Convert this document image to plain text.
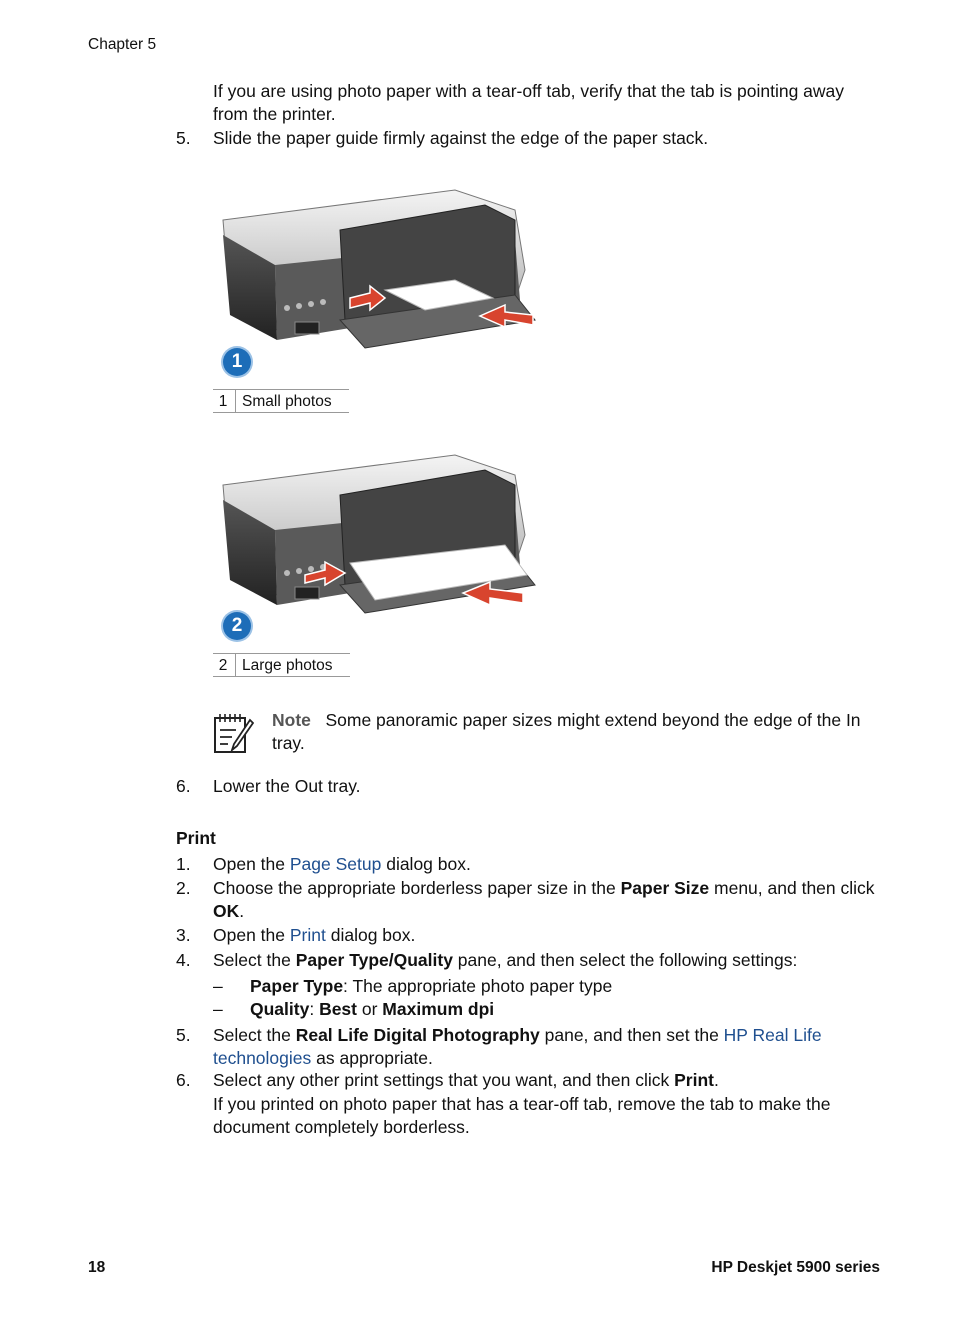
Chapter 5
If you are using photo paper with a tear-off tab, verify that the tab is pointing away from the printer.
5. Slide the paper guide firmly against the edge of the paper stack.
1
1	Small photos
2
2	Large photos
Note Some panoramic paper sizes might extend beyond the edge of the In tray.
6. Lower the Out tray.
Print
1. Open the Page Setup dialog box.
2. Choose the appropriate borderless paper size in the Paper Size menu, and then click OK.
3. Open the Print dialog box.
4. Select the Paper Type/Quality pane, and then select the following settings:
–	Paper Type: The appropriate photo paper type
–	Quality: Best or Maximum dpi
5. Select the Real Life Digital Photography pane, and then set the HP Real Life technologies as appropriate.
6. Select any other print settings that you want, and then click Print.
If you printed on photo paper that has a tear-off tab, remove the tab to make the document completely borderless.
18	HP Deskjet 5900 series
